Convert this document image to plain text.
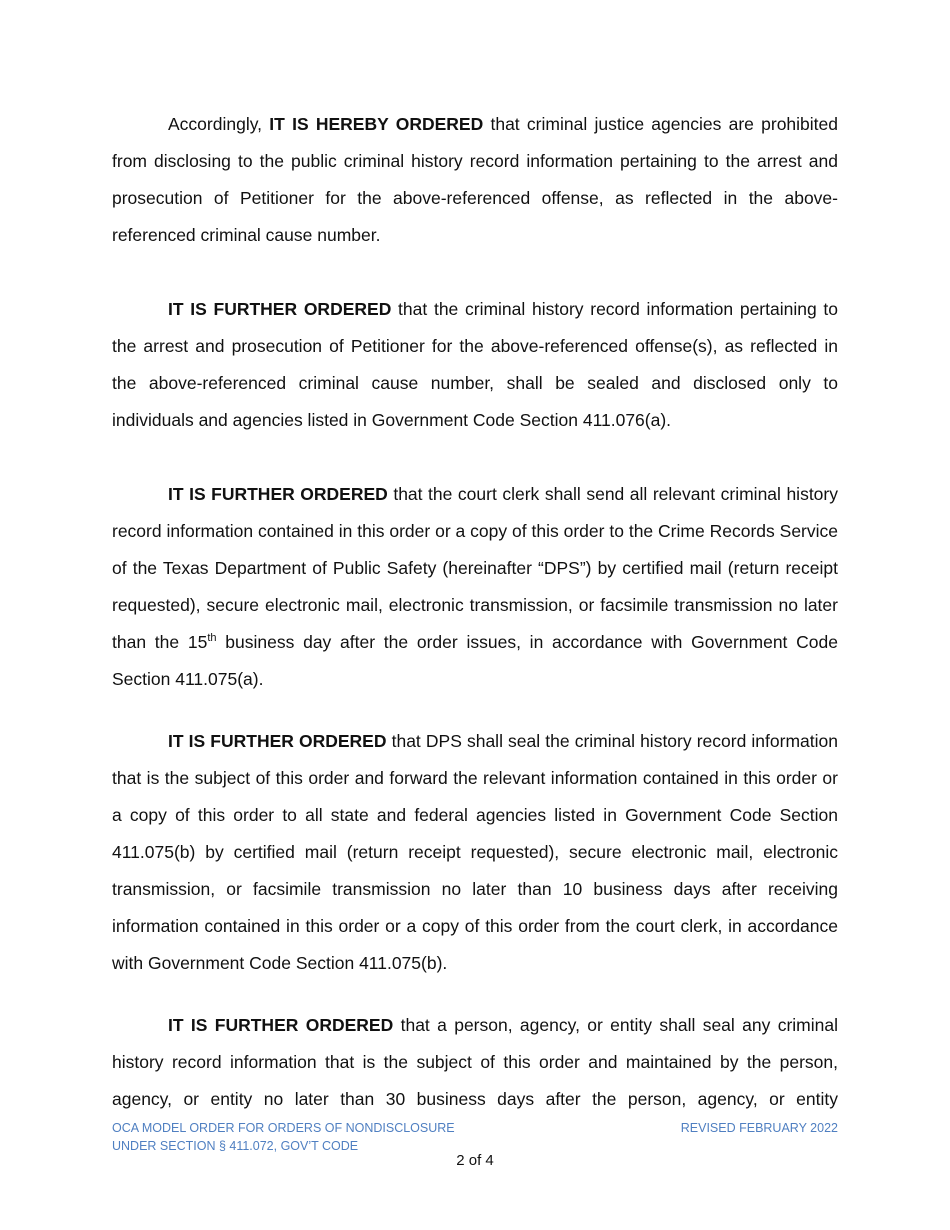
Accordingly, IT IS HEREBY ORDERED that criminal justice agencies are prohibited from disclosing to the public criminal history record information pertaining to the arrest and prosecution of Petitioner for the above-referenced offense, as reflected in the above-referenced criminal cause number.

IT IS FURTHER ORDERED that the criminal history record information pertaining to the arrest and prosecution of Petitioner for the above-referenced offense(s), as reflected in the above-referenced criminal cause number, shall be sealed and disclosed only to individuals and agencies listed in Government Code Section 411.076(a).

IT IS FURTHER ORDERED that the court clerk shall send all relevant criminal history record information contained in this order or a copy of this order to the Crime Records Service of the Texas Department of Public Safety (hereinafter “DPS”) by certified mail (return receipt requested), secure electronic mail, electronic transmission, or facsimile transmission no later than the 15th business day after the order issues, in accordance with Government Code Section 411.075(a).

IT IS FURTHER ORDERED that DPS shall seal the criminal history record information that is the subject of this order and forward the relevant information contained in this order or a copy of this order to all state and federal agencies listed in Government Code Section 411.075(b) by certified mail (return receipt requested), secure electronic mail, electronic transmission, or facsimile transmission no later than 10 business days after receiving information contained in this order or a copy of this order from the court clerk, in accordance with Government Code Section 411.075(b).

IT IS FURTHER ORDERED that a person, agency, or entity shall seal any criminal history record information that is the subject of this order and maintained by the person, agency, or entity no later than 30 business days after the person, agency, or entity

OCA MODEL ORDER FOR ORDERS OF NONDISCLOSURE
UNDER SECTION § 411.072, GOV’T CODE
REVISED FEBRUARY 2022
2 of 4
